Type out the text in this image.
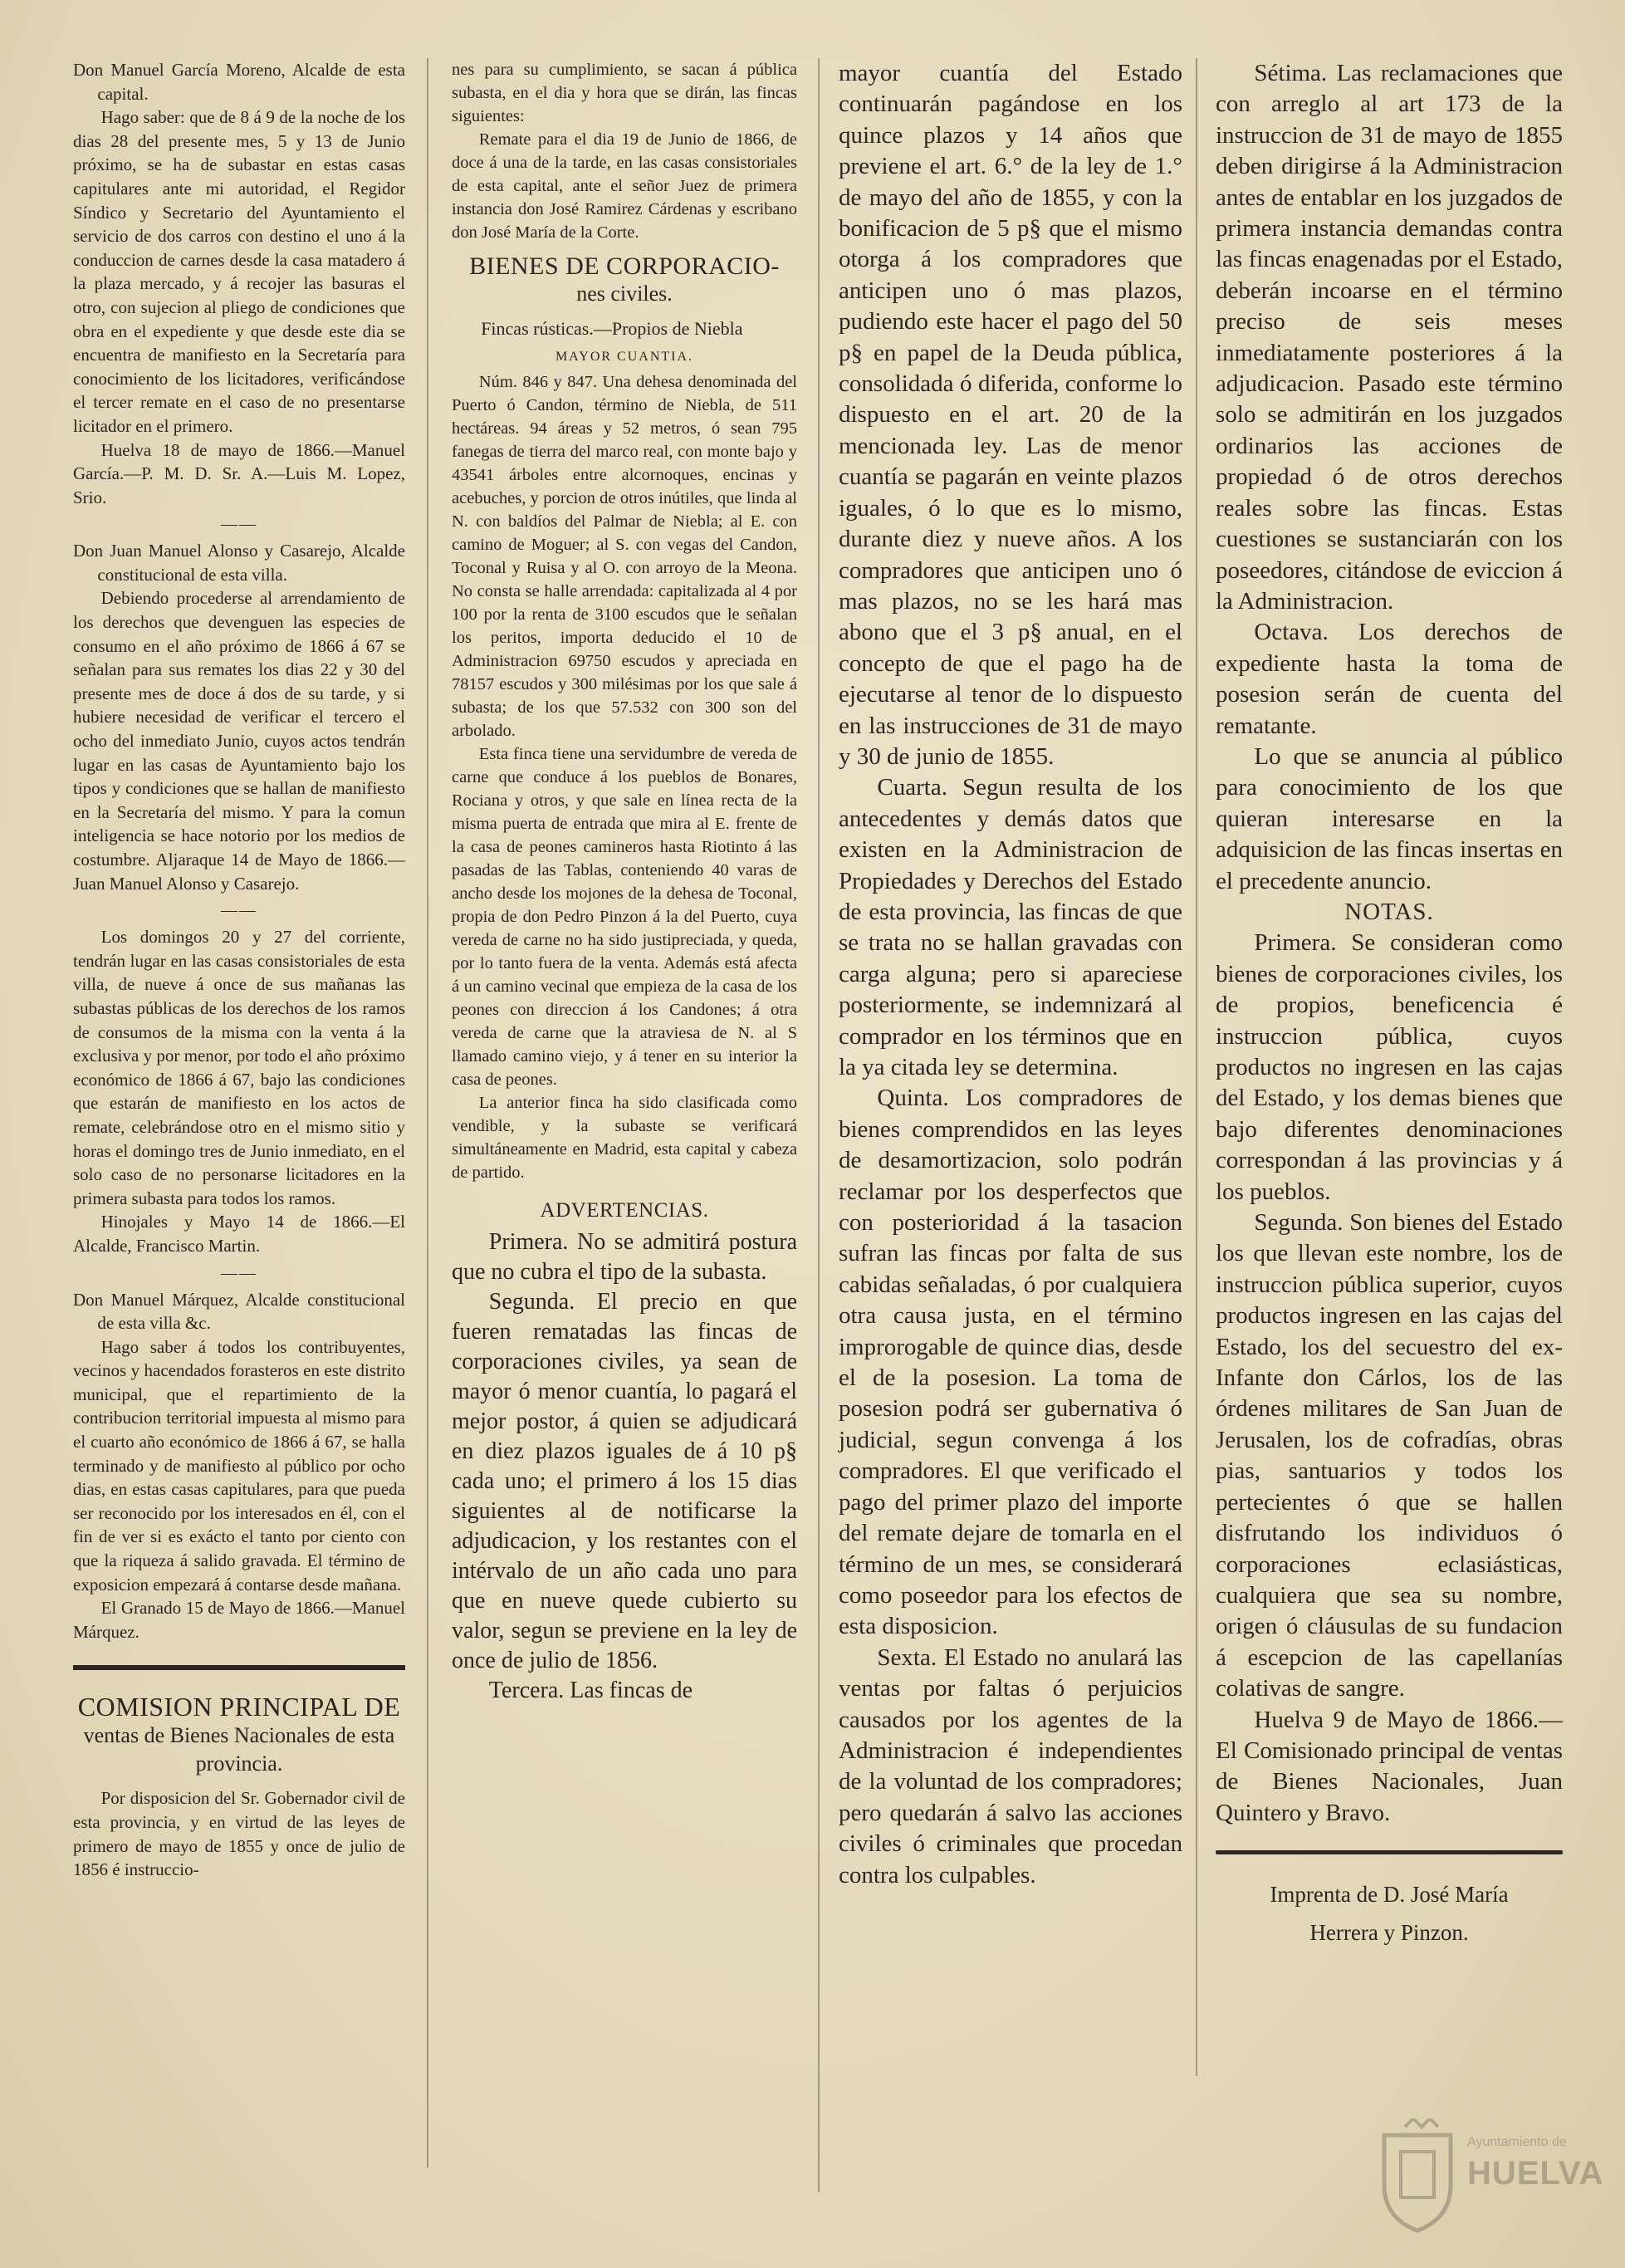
Don Manuel García Moreno, Alcalde de esta capital.

Hago saber: que de 8 á 9 de la noche de los dias 28 del presente mes, 5 y 13 de Junio próximo, se ha de subastar en estas casas capitulares ante mi autoridad, el Regidor Síndico y Secretario del Ayuntamiento el servicio de dos carros con destino el uno á la conduccion de carnes desde la casa matadero á la plaza mercado, y á recojer las basuras el otro, con sujecion al pliego de condiciones que obra en el expediente y que desde este dia se encuentra de manifiesto en la Secretaría para conocimiento de los licitadores, verificándose el tercer remate en el caso de no presentarse licitador en el primero.

Huelva 18 de mayo de 1866.—Manuel García.—P. M. D. Sr. A.—Luis M. Lopez, Srio.

——

Don Juan Manuel Alonso y Casarejo, Alcalde constitucional de esta villa.

Debiendo procederse al arrendamiento de los derechos que devenguen las especies de consumo en el año próximo de 1866 á 67 se señalan para sus remates los dias 22 y 30 del presente mes de doce á dos de su tarde, y si hubiere necesidad de verificar el tercero el ocho del inmediato Junio, cuyos actos tendrán lugar en las casas de Ayuntamiento bajo los tipos y condiciones que se hallan de manifiesto en la Secretaría del mismo. Y para la comun inteligencia se hace notorio por los medios de costumbre. Aljaraque 14 de Mayo de 1866.—Juan Manuel Alonso y Casarejo.

——

Los domingos 20 y 27 del corriente, tendrán lugar en las casas consistoriales de esta villa, de nueve á once de sus mañanas las subastas públicas de los derechos de los ramos de consumos de la misma con la venta á la exclusiva y por menor, por todo el año próximo económico de 1866 á 67, bajo las condiciones que estarán de manifiesto en los actos de remate, celebrándose otro en el mismo sitio y horas el domingo tres de Junio inmediato, en el solo caso de no personarse licitadores en la primera subasta para todos los ramos.

Hinojales y Mayo 14 de 1866.—El Alcalde, Francisco Martin.

——

Don Manuel Márquez, Alcalde constitucional de esta villa &c.

Hago saber á todos los contribuyentes, vecinos y hacendados forasteros en este distrito municipal, que el repartimiento de la contribucion territorial impuesta al mismo para el cuarto año económico de 1866 á 67, se halla terminado y de manifiesto al público por ocho dias, en estas casas capitulares, para que pueda ser reconocido por los interesados en él, con el fin de ver si es exácto el tanto por ciento con que la riqueza á salido gravada. El término de exposicion empezará á contarse desde mañana.

El Granado 15 de Mayo de 1866.—Manuel Márquez.

COMISION PRINCIPAL DE
ventas de Bienes Nacionales de esta provincia.

Por disposicion del Sr. Gobernador civil de esta provincia, y en virtud de las leyes de primero de mayo de 1855 y once de julio de 1856 é instruccio-

nes para su cumplimiento, se sacan á pública subasta, en el dia y hora que se dirán, las fincas siguientes:

Remate para el dia 19 de Junio de 1866, de doce á una de la tarde, en las casas consistoriales de esta capital, ante el señor Juez de primera instancia don José Ramirez Cárdenas y escribano don José María de la Corte.

BIENES DE CORPORACIO-
nes civiles.

Fincas rústicas.—Propios de Niebla

MAYOR CUANTIA.

Núm. 846 y 847. Una dehesa denominada del Puerto ó Candon, término de Niebla, de 511 hectáreas. 94 áreas y 52 metros, ó sean 795 fanegas de tierra del marco real, con monte bajo y 43541 árboles entre alcornoques, encinas y acebuches, y porcion de otros inútiles, que linda al N. con baldíos del Palmar de Niebla; al E. con camino de Moguer; al S. con vegas del Candon, Toconal y Ruisa y al O. con arroyo de la Meona. No consta se halle arrendada: capitalizada al 4 por 100 por la renta de 3100 escudos que le señalan los peritos, importa deducido el 10 de Administracion 69750 escudos y apreciada en 78157 escudos y 300 milésimas por los que sale á subasta; de los que 57.532 con 300 son del arbolado.

Esta finca tiene una servidumbre de vereda de carne que conduce á los pueblos de Bonares, Rociana y otros, y que sale en línea recta de la misma puerta de entrada que mira al E. frente de la casa de peones camineros hasta Riotinto á las pasadas de las Tablas, conteniendo 40 varas de ancho desde los mojones de la dehesa de Toconal, propia de don Pedro Pinzon á la del Puerto, cuya vereda de carne no ha sido justipreciada, y queda, por lo tanto fuera de la venta. Además está afecta á un camino vecinal que empieza de la casa de los peones con direccion á los Candones; á otra vereda de carne que la atraviesa de N. al S llamado camino viejo, y á tener en su interior la casa de peones.

La anterior finca ha sido clasificada como vendible, y la subaste se verificará simultáneamente en Madrid, esta capital y cabeza de partido.

ADVERTENCIAS.

Primera. No se admitirá postura que no cubra el tipo de la subasta.

Segunda. El precio en que fueren rematadas las fincas de corporaciones civiles, ya sean de mayor ó menor cuantía, lo pagará el mejor postor, á quien se adjudicará en diez plazos iguales de á 10 p§ cada uno; el primero á los 15 dias siguientes al de notificarse la adjudicacion, y los restantes con el intérvalo de un año cada uno para que en nueve quede cubierto su valor, segun se previene en la ley de once de julio de 1856.

Tercera. Las fincas de

mayor cuantía del Estado continuarán pagándose en los quince plazos y 14 años que previene el art. 6.° de la ley de 1.° de mayo del año de 1855, y con la bonificacion de 5 p§ que el mismo otorga á los compradores que anticipen uno ó mas plazos, pudiendo este hacer el pago del 50 p§ en papel de la Deuda pública, consolidada ó diferida, conforme lo dispuesto en el art. 20 de la mencionada ley. Las de menor cuantía se pagarán en veinte plazos iguales, ó lo que es lo mismo, durante diez y nueve años. A los compradores que anticipen uno ó mas plazos, no se les hará mas abono que el 3 p§ anual, en el concepto de que el pago ha de ejecutarse al tenor de lo dispuesto en las instrucciones de 31 de mayo y 30 de junio de 1855.

Cuarta. Segun resulta de los antecedentes y demás datos que existen en la Administracion de Propiedades y Derechos del Estado de esta provincia, las fincas de que se trata no se hallan gravadas con carga alguna; pero si apareciese posteriormente, se indemnizará al comprador en los términos que en la ya citada ley se determina.

Quinta. Los compradores de bienes comprendidos en las leyes de desamortizacion, solo podrán reclamar por los desperfectos que con posterioridad á la tasacion sufran las fincas por falta de sus cabidas señaladas, ó por cualquiera otra causa justa, en el término improrogable de quince dias, desde el de la posesion. La toma de posesion podrá ser gubernativa ó judicial, segun convenga á los compradores. El que verificado el pago del primer plazo del importe del remate dejare de tomarla en el término de un mes, se considerará como poseedor para los efectos de esta disposicion.

Sexta. El Estado no anulará las ventas por faltas ó perjuicios causados por los agentes de la Administracion é independientes de la voluntad de los compradores; pero quedarán á salvo las acciones civiles ó criminales que procedan contra los culpables.

Sétima. Las reclamaciones que con arreglo al art 173 de la instruccion de 31 de mayo de 1855 deben dirigirse á la Administracion antes de entablar en los juzgados de primera instancia demandas contra las fincas enagenadas por el Estado, deberán incoarse en el término preciso de seis meses inmediatamente posteriores á la adjudicacion. Pasado este término solo se admitirán en los juzgados ordinarios las acciones de propiedad ó de otros derechos reales sobre las fincas. Estas cuestiones se sustanciarán con los poseedores, citándose de eviccion á la Administracion.

Octava. Los derechos de expediente hasta la toma de posesion serán de cuenta del rematante.

Lo que se anuncia al público para conocimiento de los que quieran interesarse en la adquisicion de las fincas insertas en el precedente anuncio.

NOTAS.

Primera. Se consideran como bienes de corporaciones civiles, los de propios, beneficencia é instruccion pública, cuyos productos no ingresen en las cajas del Estado, y los demas bienes que bajo diferentes denominaciones correspondan á las provincias y á los pueblos.

Segunda. Son bienes del Estado los que llevan este nombre, los de instruccion pública superior, cuyos productos ingresen en las cajas del Estado, los del secuestro del ex-Infante don Cárlos, los de las órdenes militares de San Juan de Jerusalen, los de cofradías, obras pias, santuarios y todos los pertecientes ó que se hallen disfrutando los individuos ó corporaciones eclasiásticas, cualquiera que sea su nombre, origen ó cláusulas de su fundacion á escepcion de las capellanías colativas de sangre.

Huelva 9 de Mayo de 1866.—El Comisionado principal de ventas de Bienes Nacionales, Juan Quintero y Bravo.

Imprenta de D. José María
Herrera y Pinzon.
Ayuntamiento de
HUELVA
